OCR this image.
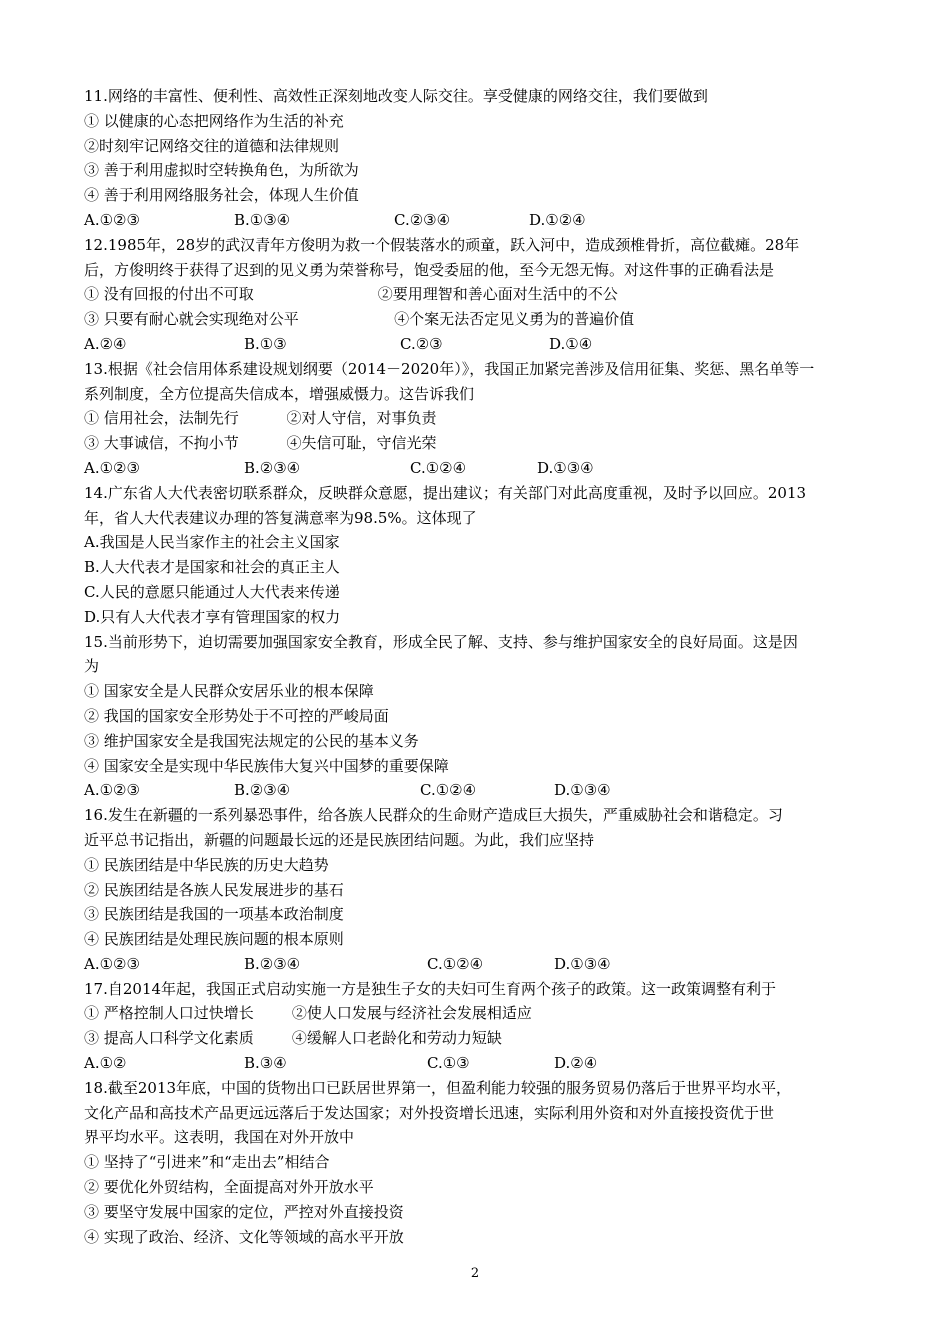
11.网络的丰富性、便利性、高效性正深刻地改变人际交往。享受健康的网络交往，我们要做到
① 以健康的心态把网络作为生活的补充
②时刻牢记网络交往的道德和法律规则
③ 善于利用虚拟时空转换角色，为所欲为
④ 善于利用网络服务社会，体现人生价值
A.①②③	B.①③④	C.②③④	D.①②④
12.1985年，28岁的武汉青年方俊明为救一个假装落水的顽童，跃入河中，造成颈椎骨折，高位截瘫。28年
后，方俊明终于获得了迟到的见义勇为荣誉称号，饱受委屈的他，至今无怨无悔。对这件事的正确看法是
① 没有回报的付出不可取                          ②要用理智和善心面对生活中的不公
③ 只要有耐心就会实现绝对公平                    ④个案无法否定见义勇为的普遍价值
A.②④	B.①③	C.②③	D.①④
13.根据《社会信用体系建设规划纲要（2014－2020年）》，我国正加紧完善涉及信用征集、奖惩、黑名单等一
系列制度，全方位提高失信成本，增强威慑力。这告诉我们
① 信用社会，法制先行          ②对人守信，对事负责
③ 大事诚信，不拘小节          ④失信可耻，守信光荣
A.①②③	B.②③④	C.①②④	D.①③④
14.广东省人大代表密切联系群众，反映群众意愿，提出建议；有关部门对此高度重视，及时予以回应。2013
年，省人大代表建议办理的答复满意率为98.5%。这体现了
A.我国是人民当家作主的社会主义国家
B.人大代表才是国家和社会的真正主人
C.人民的意愿只能通过人大代表来传递
D.只有人大代表才享有管理国家的权力
15.当前形势下，迫切需要加强国家安全教育，形成全民了解、支持、参与维护国家安全的良好局面。这是因
为
① 国家安全是人民群众安居乐业的根本保障
② 我国的国家安全形势处于不可控的严峻局面
③ 维护国家安全是我国宪法规定的公民的基本义务
④ 国家安全是实现中华民族伟大复兴中国梦的重要保障
A.①②③	B.②③④	C.①②④	D.①③④
16.发生在新疆的一系列暴恐事件，给各族人民群众的生命财产造成巨大损失，严重威胁社会和谐稳定。习
近平总书记指出，新疆的问题最长远的还是民族团结问题。为此，我们应坚持
① 民族团结是中华民族的历史大趋势
② 民族团结是各族人民发展进步的基石
③ 民族团结是我国的一项基本政治制度
④ 民族团结是处理民族问题的根本原则
A.①②③	B.②③④	C.①②④	D.①③④
17.自2014年起，我国正式启动实施一方是独生子女的夫妇可生育两个孩子的政策。这一政策调整有利于
① 严格控制人口过快增长        ②使人口发展与经济社会发展相适应
③ 提高人口科学文化素质        ④缓解人口老龄化和劳动力短缺
A.①②	B.③④	C.①③	D.②④
18.截至2013年底，中国的货物出口已跃居世界第一，但盈利能力较强的服务贸易仍落后于世界平均水平，
文化产品和高技术产品更远远落后于发达国家；对外投资增长迅速，实际利用外资和对外直接投资优于世
界平均水平。这表明，我国在对外开放中
① 坚持了“引进来”和“走出去”相结合
② 要优化外贸结构，全面提高对外开放水平
③ 要坚守发展中国家的定位，严控对外直接投资
④ 实现了政治、经济、文化等领域的高水平开放
2
